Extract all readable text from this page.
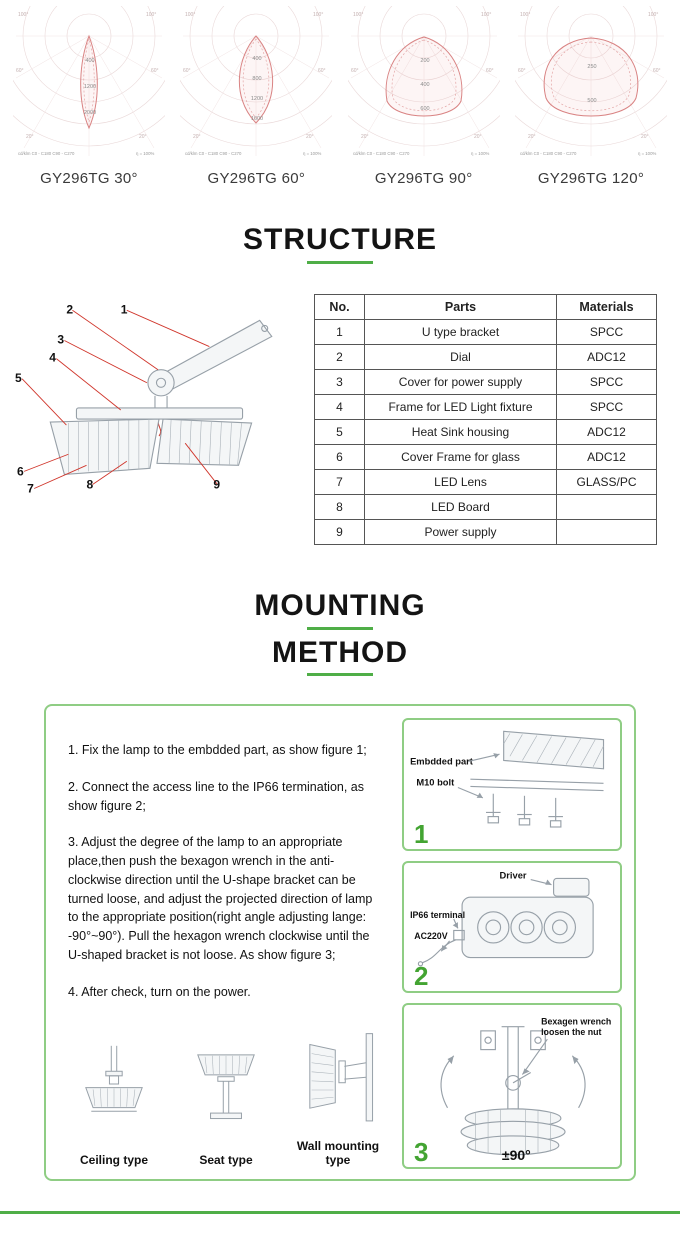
400
1200
2000
100°	100°
60°	60°
20°	20°
cd/klm C0 - C180 C90 - C270	η = 100%
GY296TG 30°
400
800
1200
1600
100°	100°
60°	60°
20°	20°
cd/klm C0 - C180 C90 - C270	η = 100%
GY296TG 60°
200
400
600
100°	100°
60°	60°
20°	20°
cd/klm C0 - C180 C90 - C270	η = 100%
GY296TG 90°
250
500
100°	100°
60°	60°
20°	20°
cd/klm C0 - C180 C90 - C270	η = 100%
GY296TG 120°
STRUCTURE
1
2
3
4
5
6
7	8	9
No.	Parts	Materials
1	U type bracket	SPCC
2	Dial	ADC12
3	Cover for power supply	SPCC
4	Frame for LED Light fixture	SPCC
5	Heat Sink housing	ADC12
6	Cover Frame for glass	ADC12
7	LED Lens	GLASS/PC
8	LED Board	
9	Power supply	
MOUNTING
METHOD

1. Fix the lamp to the embdded part, as show figure 1;

2. Connect the access line to the IP66 termination, as show figure 2;

3. Adjust the degree of the lamp to an appropriate place,then push the bexagon wrench in the anti-clockwise direction until the U-shape bracket can be turned loose, and adjust the projected direction of lamp to the appropriate position(right angle adjusting lange: -90°~90°). Pull the hexagon wrench clockwise until the U-shaped bracket is not loose. As show figure 3;

4. After check, turn on the power.

Ceiling type	Seat type
Wall mounting type
Embdded part
M10 bolt
1
Driver
IP66 terminal
AC220V
2
Bexagen wrench
loosen the nut
3	±90°
